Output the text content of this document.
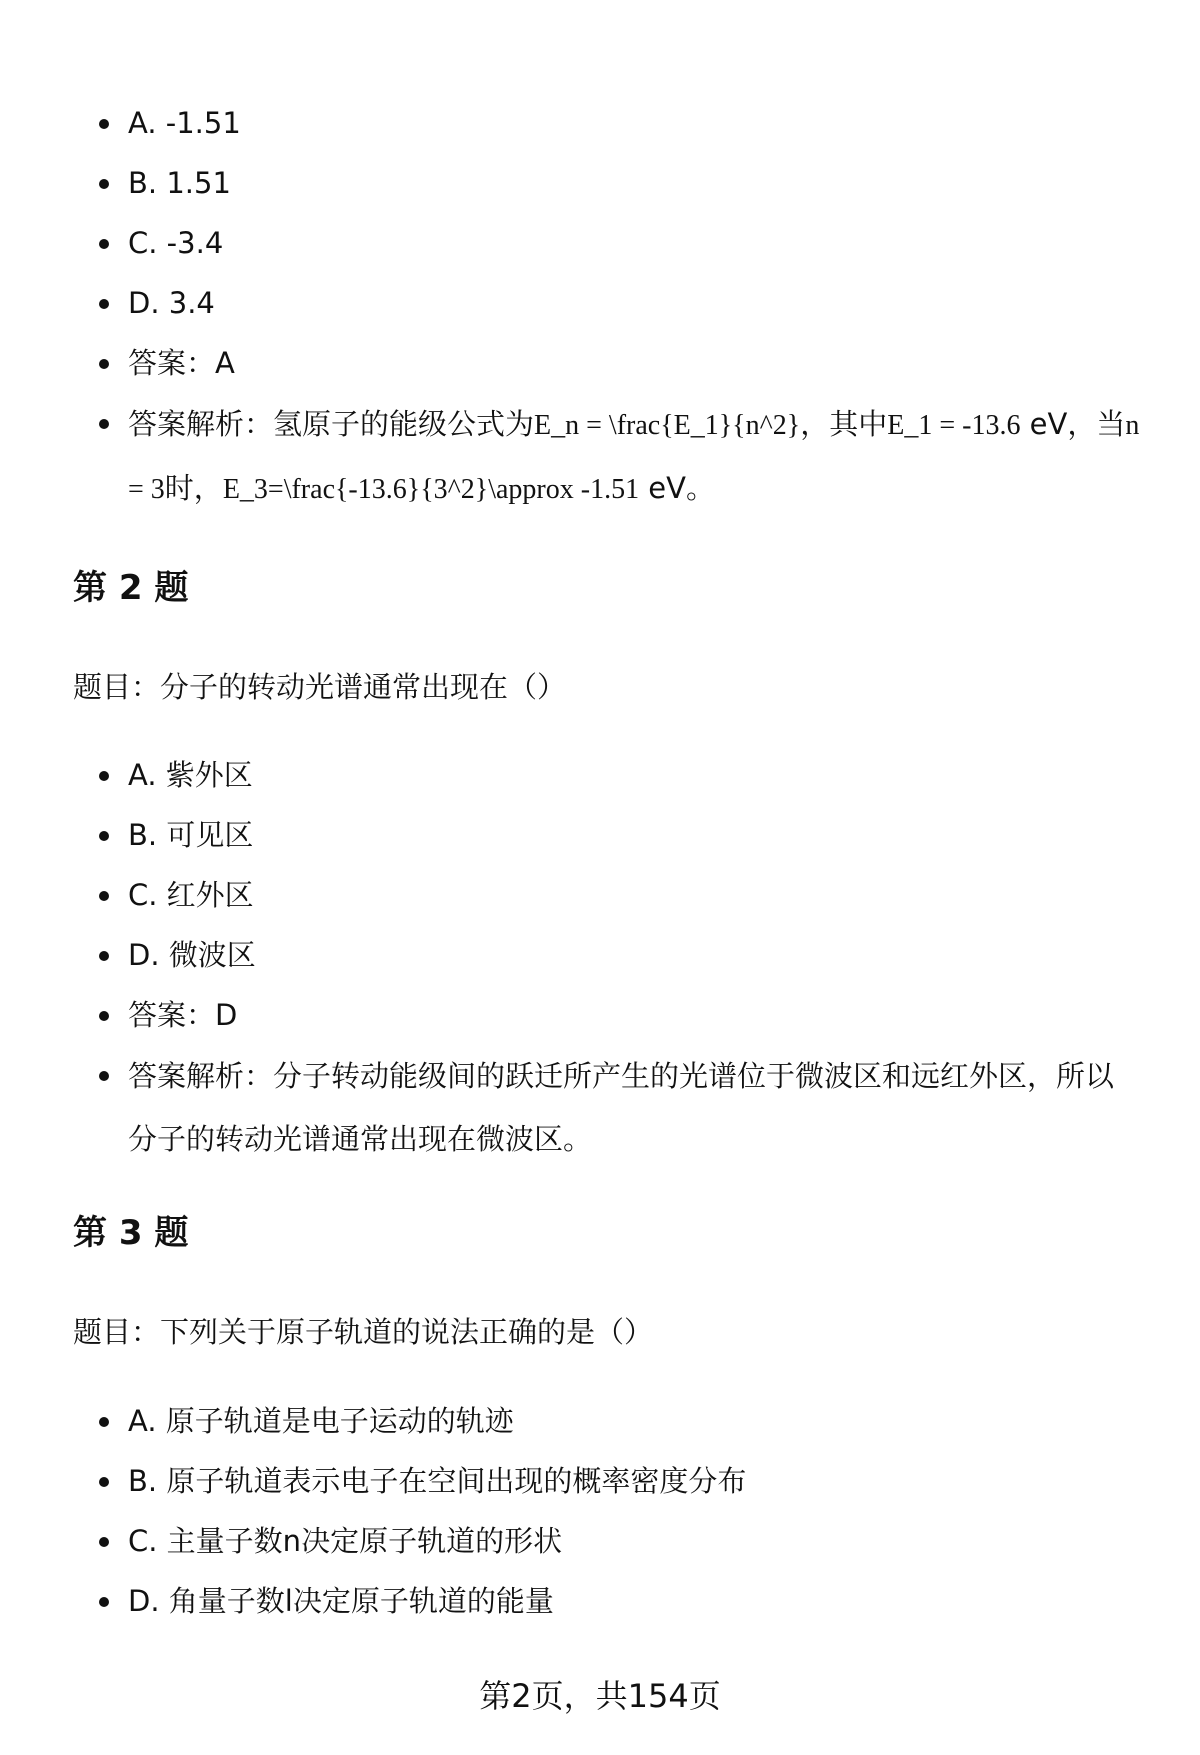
A. -1.51
B. 1.51
C. -3.4
D. 3.4
答案：A
答案解析：氢原子的能级公式为E_n = \frac{E_1}{n^2}，其中E_1 = -13.6 eV，当n = 3时，E_3=\frac{-13.6}{3^2}\approx -1.51 eV。
第 2 题

题目：分子的转动光谱通常出现在（）

A. 紫外区
B. 可见区
C. 红外区
D. 微波区
答案：D
答案解析：分子转动能级间的跃迁所产生的光谱位于微波区和远红外区，所以分子的转动光谱通常出现在微波区。
第 3 题

题目：下列关于原子轨道的说法正确的是（）

A. 原子轨道是电子运动的轨迹
B. 原子轨道表示电子在空间出现的概率密度分布
C. 主量子数n决定原子轨道的形状
D. 角量子数l决定原子轨道的能量
第2页，共154页
